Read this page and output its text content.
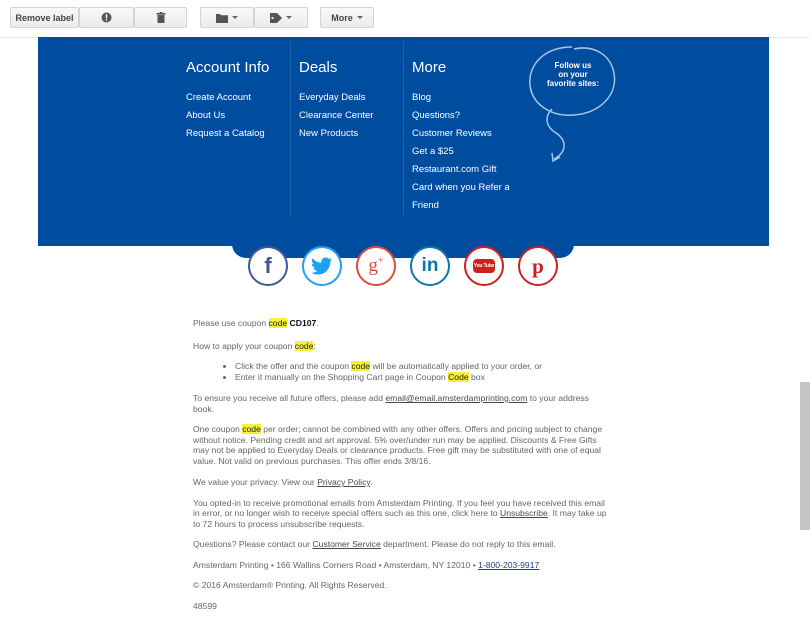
Remove label	More
Account Info
Create Account
About Us
Request a Catalog
Deals
Everyday Deals
Clearance Center
New Products
More
Blog
Questions?
Customer Reviews
Get a $25
Restaurant.com Gift
Card when you Refer a
Friend
Follow us
on your
favorite sites:
f	g+ in	You Tube p

Please use coupon code CD107.

How to apply your coupon code:

• Click the offer and the coupon code will be automatically applied to your order, or
• Enter it manually on the Shopping Cart page in Coupon Code box

To ensure you receive all future offers, please add email@email.amsterdamprinting.com to your address book.

One coupon code per order; cannot be combined with any other offers. Offers and pricing subject to change without notice. Pending credit and art approval. 5% over/under run may be applied. Discounts & Free Gifts may not be applied to Everyday Deals or clearance products. Free gift may be substituted with one of equal value. Not valid on previous purchases. This offer ends 3/8/16.

We value your privacy. View our Privacy Policy.

You opted-in to receive promotional emails from Amsterdam Printing. If you feel you have received this email in error, or no longer wish to receive special offers such as this one, click here to Unsubscribe. It may take up to 72 hours to process unsubscribe requests.

Questions? Please contact our Customer Service department. Please do not reply to this email.

Amsterdam Printing • 166 Wallins Corners Road • Amsterdam, NY 12010 • 1-800-203-9917

© 2016 Amsterdam® Printing. All Rights Reserved.

48599
